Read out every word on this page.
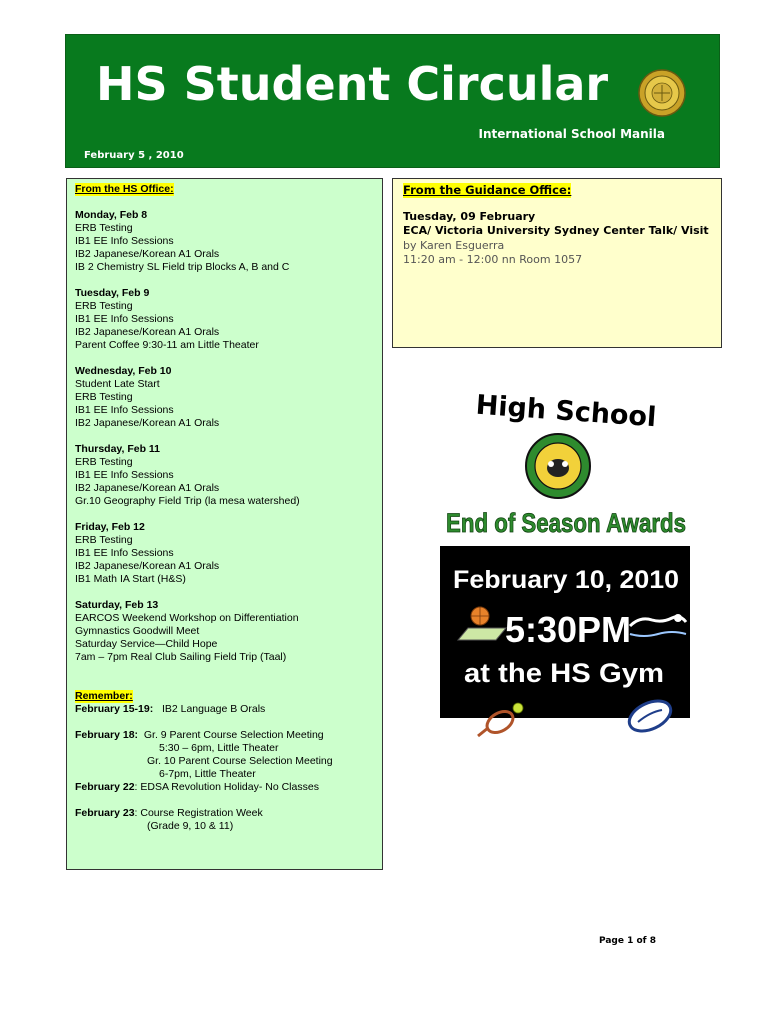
HS Student Circular
International School Manila
February 5 , 2010
From the HS Office:
Monday, Feb 8
ERB Testing
IB1 EE Info Sessions
IB2 Japanese/Korean A1 Orals
IB 2 Chemistry SL Field trip Blocks A, B and C
Tuesday, Feb 9
ERB Testing
IB1 EE Info Sessions
IB2 Japanese/Korean A1 Orals
Parent Coffee 9:30-11 am Little Theater
Wednesday, Feb 10
Student Late Start
ERB Testing
IB1 EE Info Sessions
IB2 Japanese/Korean A1 Orals
Thursday, Feb 11
ERB Testing
IB1 EE Info Sessions
IB2 Japanese/Korean A1 Orals
Gr.10 Geography Field Trip (la mesa watershed)
Friday, Feb 12
ERB Testing
IB1 EE Info Sessions
IB2 Japanese/Korean A1 Orals
IB1 Math IA Start (H&S)
Saturday, Feb 13
EARCOS Weekend Workshop on Differentiation
Gymnastics Goodwill Meet
Saturday Service—Child Hope
7am – 7pm Real Club Sailing Field Trip (Taal)
Remember:
February 15-19:   IB2 Language B Orals
February 18:  Gr. 9 Parent Course Selection Meeting
5:30 – 6pm, Little Theater
Gr. 10 Parent Course Selection Meeting
6-7pm, Little Theater
February 22: EDSA Revolution Holiday- No Classes
February 23: Course Registration Week
(Grade 9, 10 & 11)
From the Guidance Office:
Tuesday, 09 February
ECA/ Victoria University Sydney Center Talk/ Visit
by Karen Esguerra
11:20 am - 12:00 nn Room 1057
High School
End of Season Awards
February 10, 2010
5:30PM
at the HS Gym
Page 1 of 8
